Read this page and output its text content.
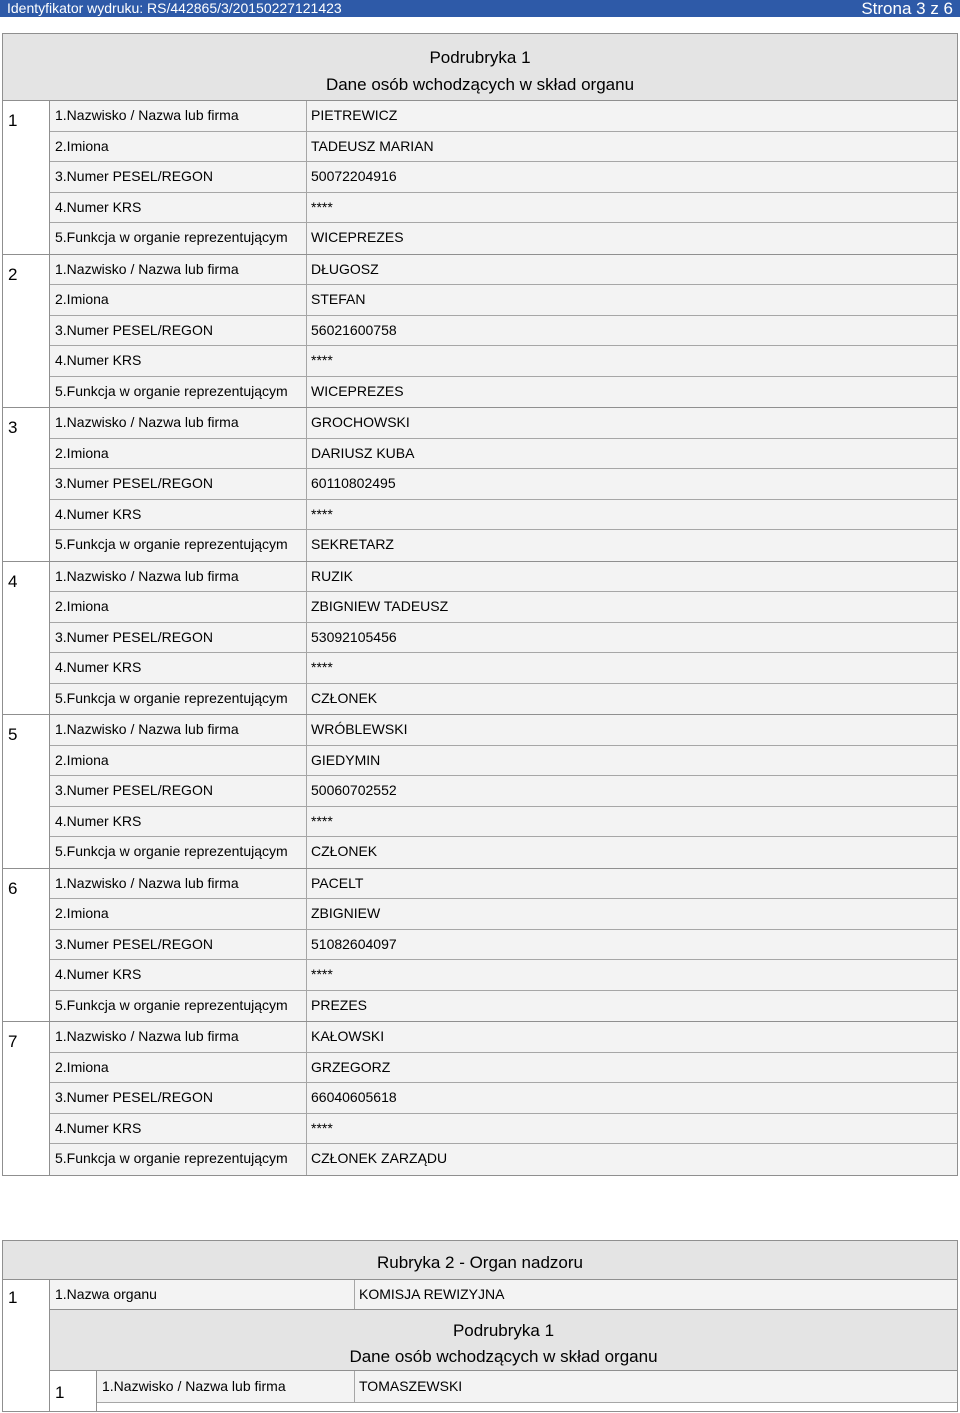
Identyfikator wydruku: RS/442865/3/20150227121423	Strona 3 z 6
Podrubryka 1
Dane osób wchodzących w skład organu
1	1.Nazwisko / Nazwa lub firma	PIETREWICZ
2.Imiona	TADEUSZ MARIAN
3.Numer PESEL/REGON	50072204916
4.Numer KRS	****
5.Funkcja w organie reprezentującym	WICEPREZES
2	1.Nazwisko / Nazwa lub firma	DŁUGOSZ
2.Imiona	STEFAN
3.Numer PESEL/REGON	56021600758
4.Numer KRS	****
5.Funkcja w organie reprezentującym	WICEPREZES
3	1.Nazwisko / Nazwa lub firma	GROCHOWSKI
2.Imiona	DARIUSZ KUBA
3.Numer PESEL/REGON	60110802495
4.Numer KRS	****
5.Funkcja w organie reprezentującym	SEKRETARZ
4	1.Nazwisko / Nazwa lub firma	RUZIK
2.Imiona	ZBIGNIEW TADEUSZ
3.Numer PESEL/REGON	53092105456
4.Numer KRS	****
5.Funkcja w organie reprezentującym	CZŁONEK
5	1.Nazwisko / Nazwa lub firma	WRÓBLEWSKI
2.Imiona	GIEDYMIN
3.Numer PESEL/REGON	50060702552
4.Numer KRS	****
5.Funkcja w organie reprezentującym	CZŁONEK
6	1.Nazwisko / Nazwa lub firma	PACELT
2.Imiona	ZBIGNIEW
3.Numer PESEL/REGON	51082604097
4.Numer KRS	****
5.Funkcja w organie reprezentującym	PREZES
7	1.Nazwisko / Nazwa lub firma	KAŁOWSKI
2.Imiona	GRZEGORZ
3.Numer PESEL/REGON	66040605618
4.Numer KRS	****
5.Funkcja w organie reprezentującym	CZŁONEK ZARZĄDU
Rubryka 2 - Organ nadzoru
1	1.Nazwa organu	KOMISJA REWIZYJNA
Podrubryka 1
Dane osób wchodzących w skład organu
1	1.Nazwisko / Nazwa lub firma	TOMASZEWSKI
